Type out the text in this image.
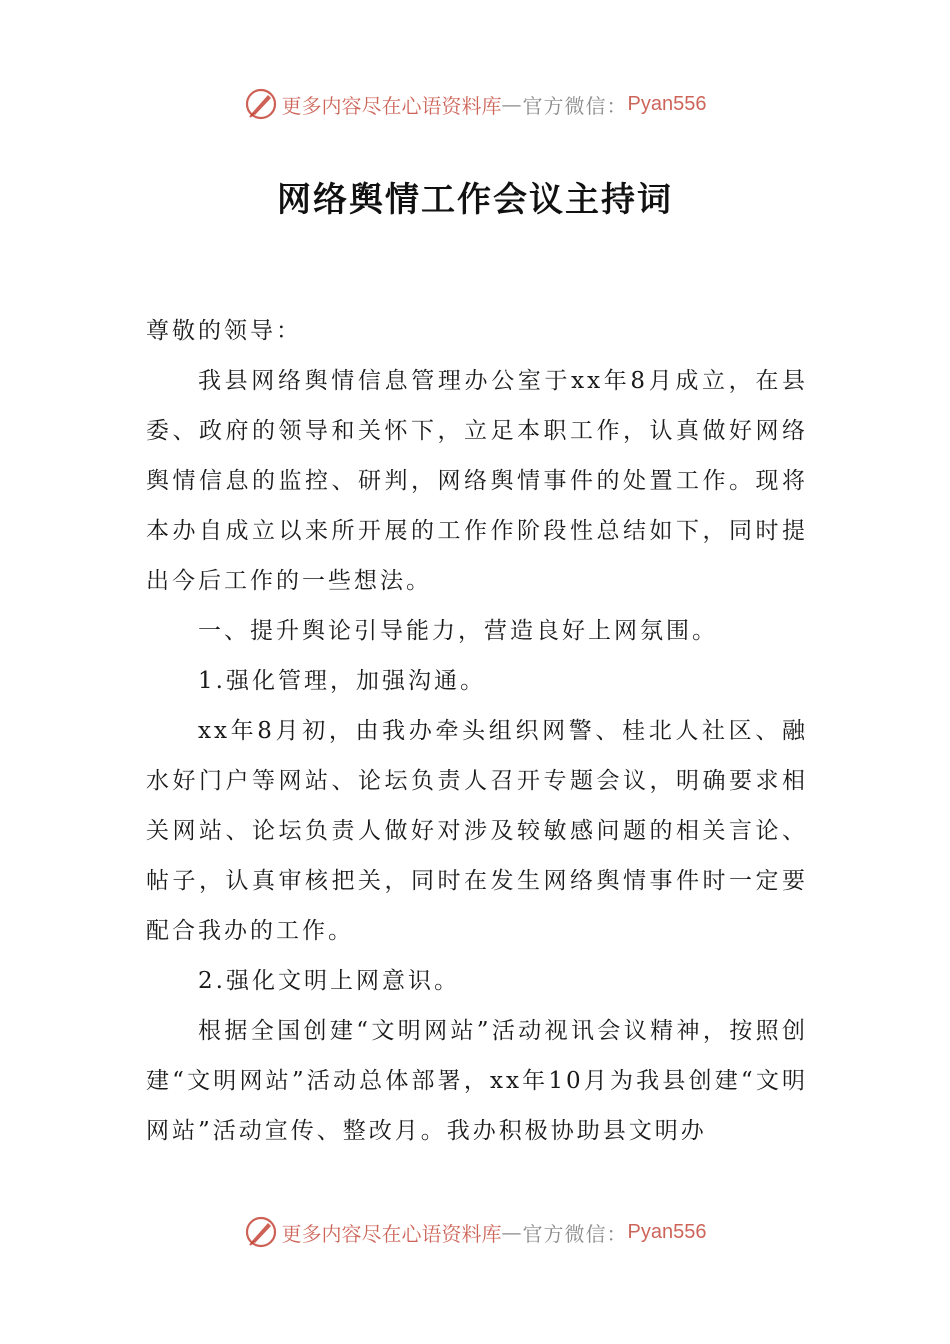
更多内容尽在心语资料库 — 官方微信： Pyan556
网络舆情工作会议主持词

尊敬的领导：

我县网络舆情信息管理办公室于xx年8月成立，在县委、政府的领导和关怀下，立足本职工作，认真做好网络舆情信息的监控、研判，网络舆情事件的处置工作。现将本办自成立以来所开展的工作作阶段性总结如下，同时提出今后工作的一些想法。

一、提升舆论引导能力，营造良好上网氛围。

1.强化管理，加强沟通。

xx年8月初，由我办牵头组织网警、桂北人社区、融水好门户等网站、论坛负责人召开专题会议，明确要求相关网站、论坛负责人做好对涉及较敏感问题的相关言论、帖子，认真审核把关，同时在发生网络舆情事件时一定要配合我办的工作。

2.强化文明上网意识。

根据全国创建“文明网站”活动视讯会议精神，按照创建“文明网站”活动总体部署，xx年10月为我县创建“文明网站”活动宣传、整改月。我办积极协助县文明办

更多内容尽在心语资料库 — 官方微信： Pyan556
